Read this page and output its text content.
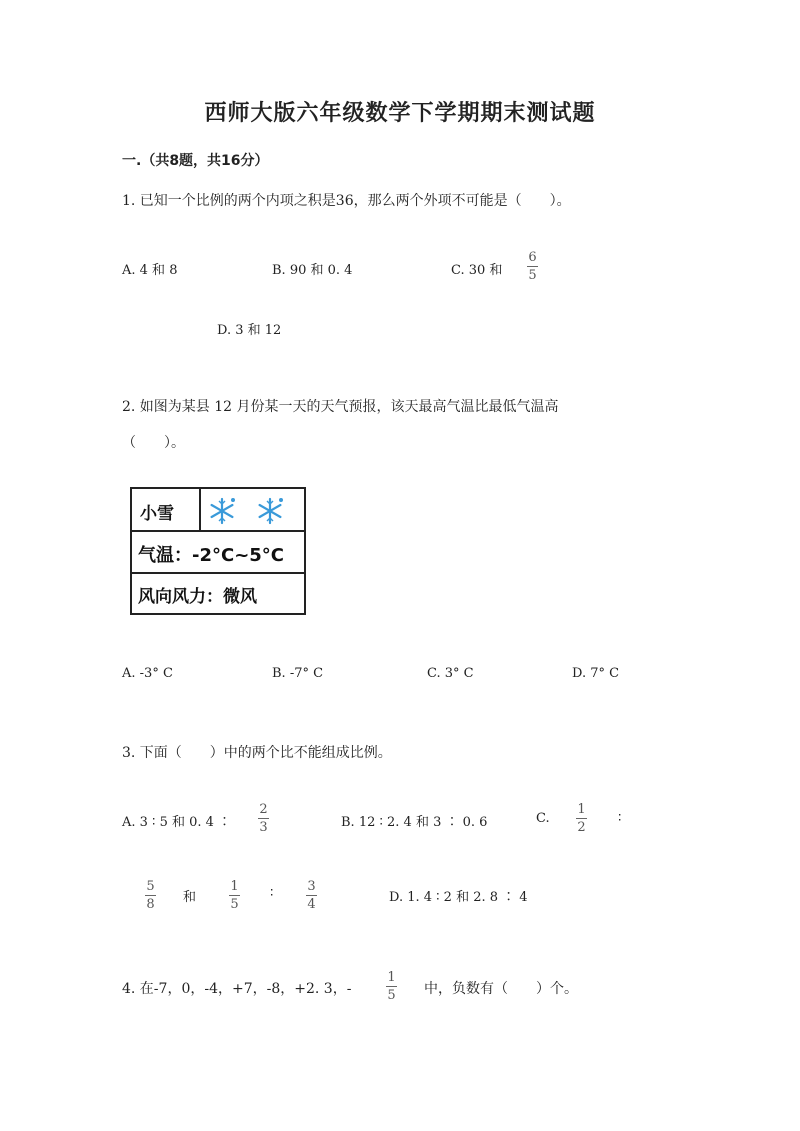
西师大版六年级数学下学期期末测试题
一.（共8题，共16分）
1. 已知一个比例的两个内项之积是36，那么两个外项不可能是（　　）。
A. 4 和 8	B. 90 和 0. 4	C. 30 和
6
5
D. 3 和 12
2. 如图为某县 12 月份某一天的天气预报，该天最高气温比最低气温高
（　　）。
小雪
气温：-2°C~5°C
风向风力：微风
A. -3° C	B. -7° C	C. 3° C	D. 7° C
3. 下面（　　）中的两个比不能组成比例。
A. 3 ∶ 5 和 0. 4 ∶
2
3	B. 12 ∶ 2. 4 和 3 ∶ 0. 6	C.
1
2
∶
5
8 和
1
5
∶	3
4	D. 1. 4 ∶ 2 和 2. 8 ∶ 4
4. 在-7，0，-4，+7，-8，+2. 3，-
1
5 中，负数有（　　）个。
